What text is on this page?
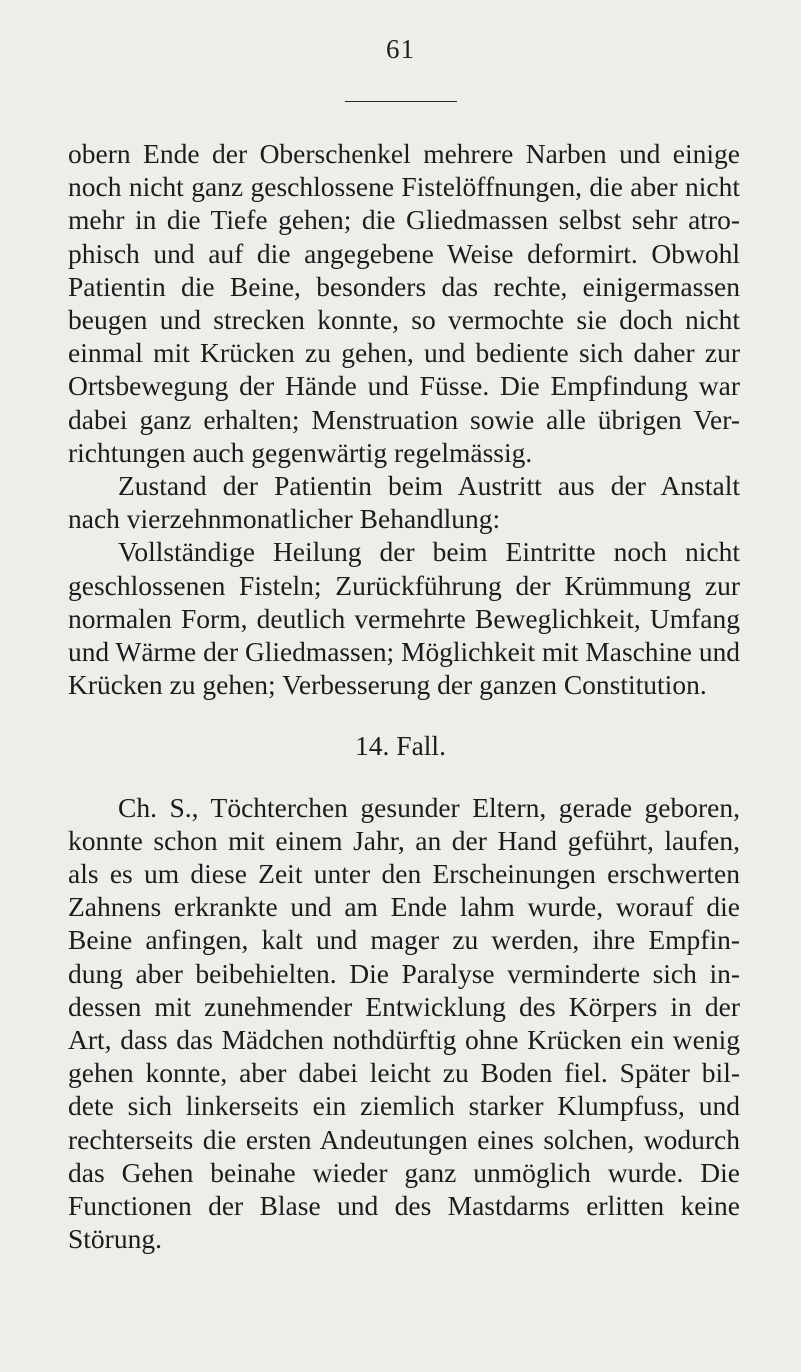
61
obern Ende der Oberschenkel mehrere Narben und einige
noch nicht ganz geschlossene Fistelöffnungen, die aber nicht
mehr in die Tiefe gehen; die Gliedmassen selbst sehr atro-
phisch und auf die angegebene Weise deformirt. Obwohl
Patientin die Beine, besonders das rechte, einigermassen
beugen und strecken konnte, so vermochte sie doch nicht
einmal mit Krücken zu gehen, und bediente sich daher zur
Ortsbewegung der Hände und Füsse. Die Empfindung war
dabei ganz erhalten; Menstruation sowie alle übrigen Ver-
richtungen auch gegenwärtig regelmässig.
Zustand der Patientin beim Austritt aus der Anstalt
nach vierzehnmonatlicher Behandlung:
Vollständige Heilung der beim Eintritte noch nicht
geschlossenen Fisteln; Zurückführung der Krümmung zur
normalen Form, deutlich vermehrte Beweglichkeit, Umfang
und Wärme der Gliedmassen; Möglichkeit mit Maschine und
Krücken zu gehen; Verbesserung der ganzen Constitution.
14. Fall.
Ch. S., Töchterchen gesunder Eltern, gerade geboren,
konnte schon mit einem Jahr, an der Hand geführt, laufen,
als es um diese Zeit unter den Erscheinungen erschwerten
Zahnens erkrankte und am Ende lahm wurde, worauf die
Beine anfingen, kalt und mager zu werden, ihre Empfin-
dung aber beibehielten. Die Paralyse verminderte sich in-
dessen mit zunehmender Entwicklung des Körpers in der
Art, dass das Mädchen nothdürftig ohne Krücken ein wenig
gehen konnte, aber dabei leicht zu Boden fiel. Später bil-
dete sich linkerseits ein ziemlich starker Klumpfuss, und
rechterseits die ersten Andeutungen eines solchen, wodurch
das Gehen beinahe wieder ganz unmöglich wurde. Die
Functionen der Blase und des Mastdarms erlitten keine
Störung.
